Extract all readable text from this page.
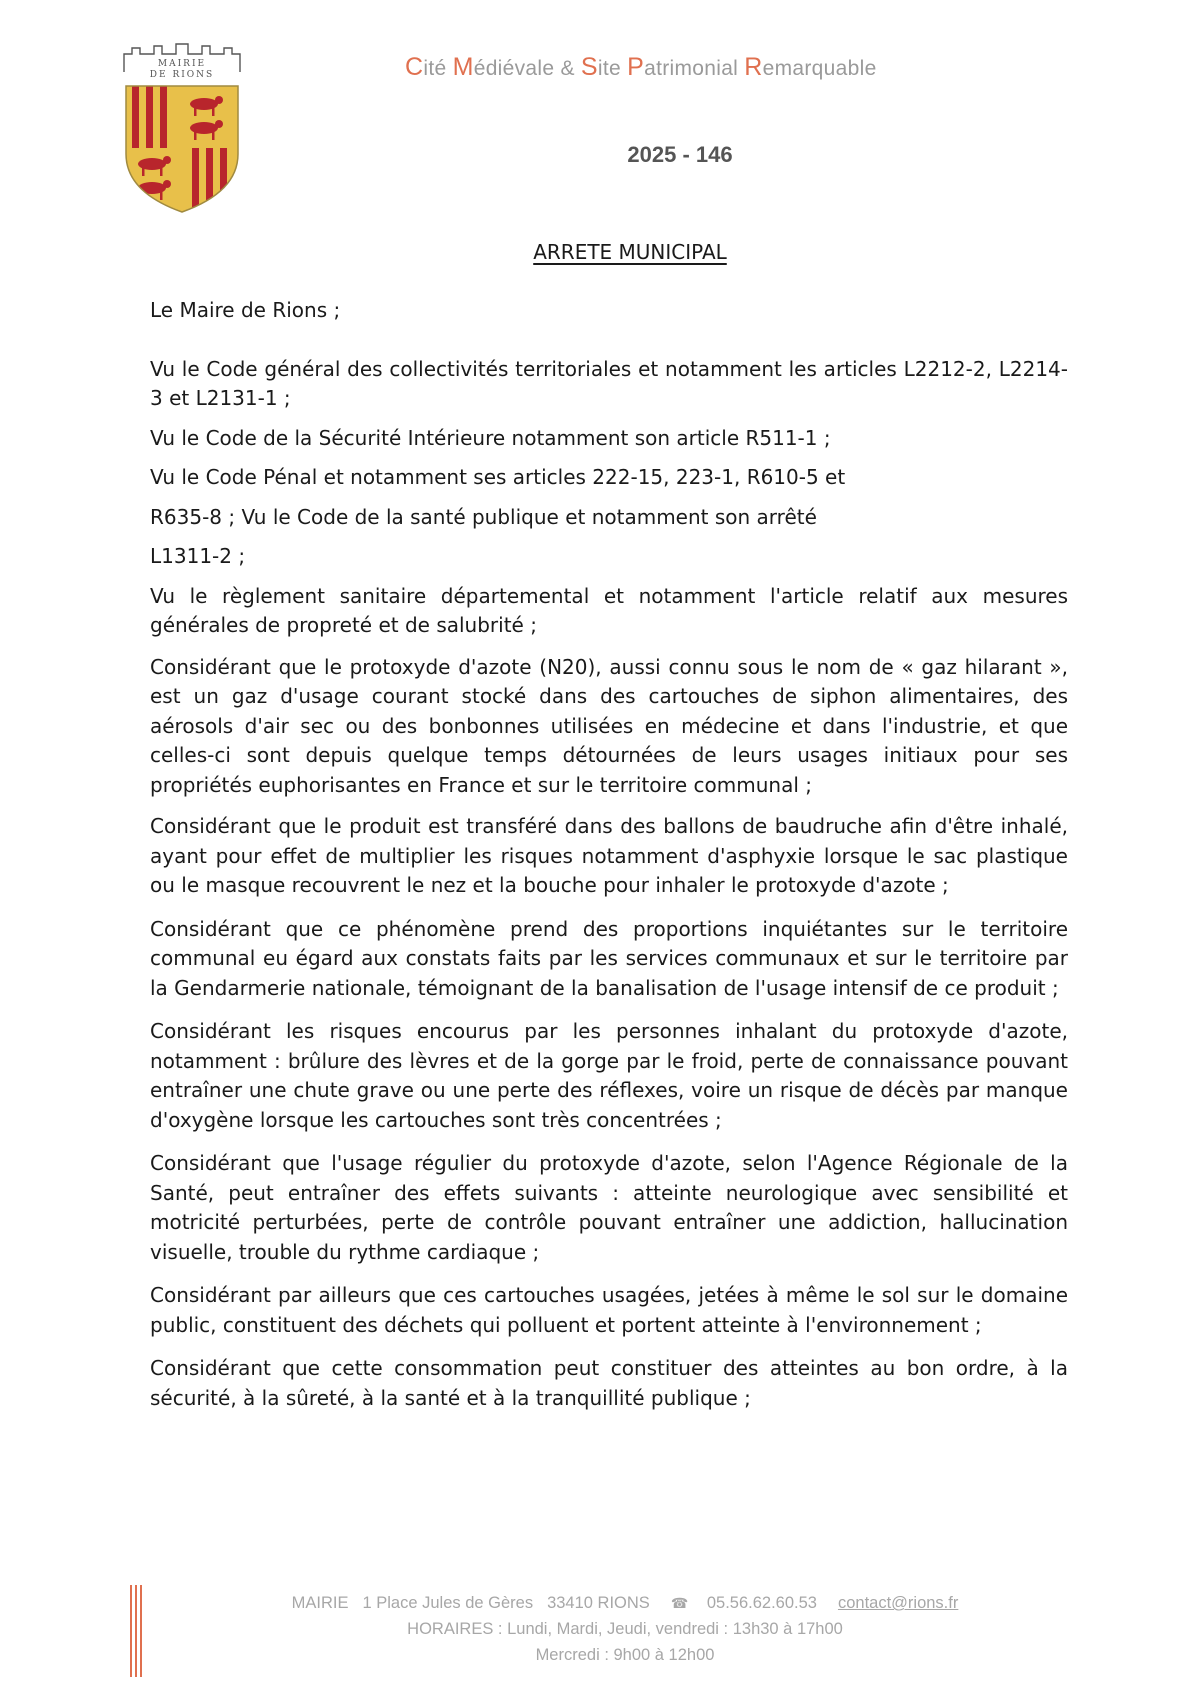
MAIRIE
DE RIONS	Cité Médiévale & Site Patrimonial Remarquable
2025 - 146
ARRETE MUNICIPAL

Le Maire de Rions ;

Vu le Code général des collectivités territoriales et notamment les articles L2212-2, L2214-3 et L2131-1 ;

Vu le Code de la Sécurité Intérieure notamment son article R511-1 ;

Vu le Code Pénal et notamment ses articles 222-15, 223-1, R610-5 et

R635-8 ; Vu le Code de la santé publique et notamment son arrêté

L1311-2 ;

Vu le règlement sanitaire départemental et notamment l'article relatif aux mesures générales de propreté et de salubrité ;

Considérant que le protoxyde d'azote (N20), aussi connu sous le nom de « gaz hilarant », est un gaz d'usage courant stocké dans des cartouches de siphon alimentaires, des aérosols d'air sec ou des bonbonnes utilisées en médecine et dans l'industrie, et que celles-ci sont depuis quelque temps détournées de leurs usages initiaux pour ses propriétés euphorisantes en France et sur le territoire communal ;

Considérant que le produit est transféré dans des ballons de baudruche afin d'être inhalé, ayant pour effet de multiplier les risques notamment d'asphyxie lorsque le sac plastique ou le masque recouvrent le nez et la bouche pour inhaler le protoxyde d'azote ;

Considérant que ce phénomène prend des proportions inquiétantes sur le territoire communal eu égard aux constats faits par les services communaux et sur le territoire par la Gendarmerie nationale, témoignant de la banalisation de l'usage intensif de ce produit ;

Considérant les risques encourus par les personnes inhalant du protoxyde d'azote, notamment : brûlure des lèvres et de la gorge par le froid, perte de connaissance pouvant entraîner une chute grave ou une perte des réflexes, voire un risque de décès par manque d'oxygène lorsque les cartouches sont très concentrées ;

Considérant que l'usage régulier du protoxyde d'azote, selon l'Agence Régionale de la Santé, peut entraîner des effets suivants : atteinte neurologique avec sensibilité et motricité perturbées, perte de contrôle pouvant entraîner une addiction, hallucination visuelle, trouble du rythme cardiaque ;

Considérant par ailleurs que ces cartouches usagées, jetées à même le sol sur le domaine public, constituent des déchets qui polluent et portent atteinte à l'environnement ;

Considérant que cette consommation peut constituer des atteintes au bon ordre, à la sécurité, à la sûreté, à la santé et à la tranquillité publique ;

MAIRIE 1 Place Jules de Gères 33410 RIONS ☎ 05.56.62.60.53 contact@rions.fr
HORAIRES : Lundi, Mardi, Jeudi, vendredi : 13h30 à 17h00
Mercredi : 9h00 à 12h00
